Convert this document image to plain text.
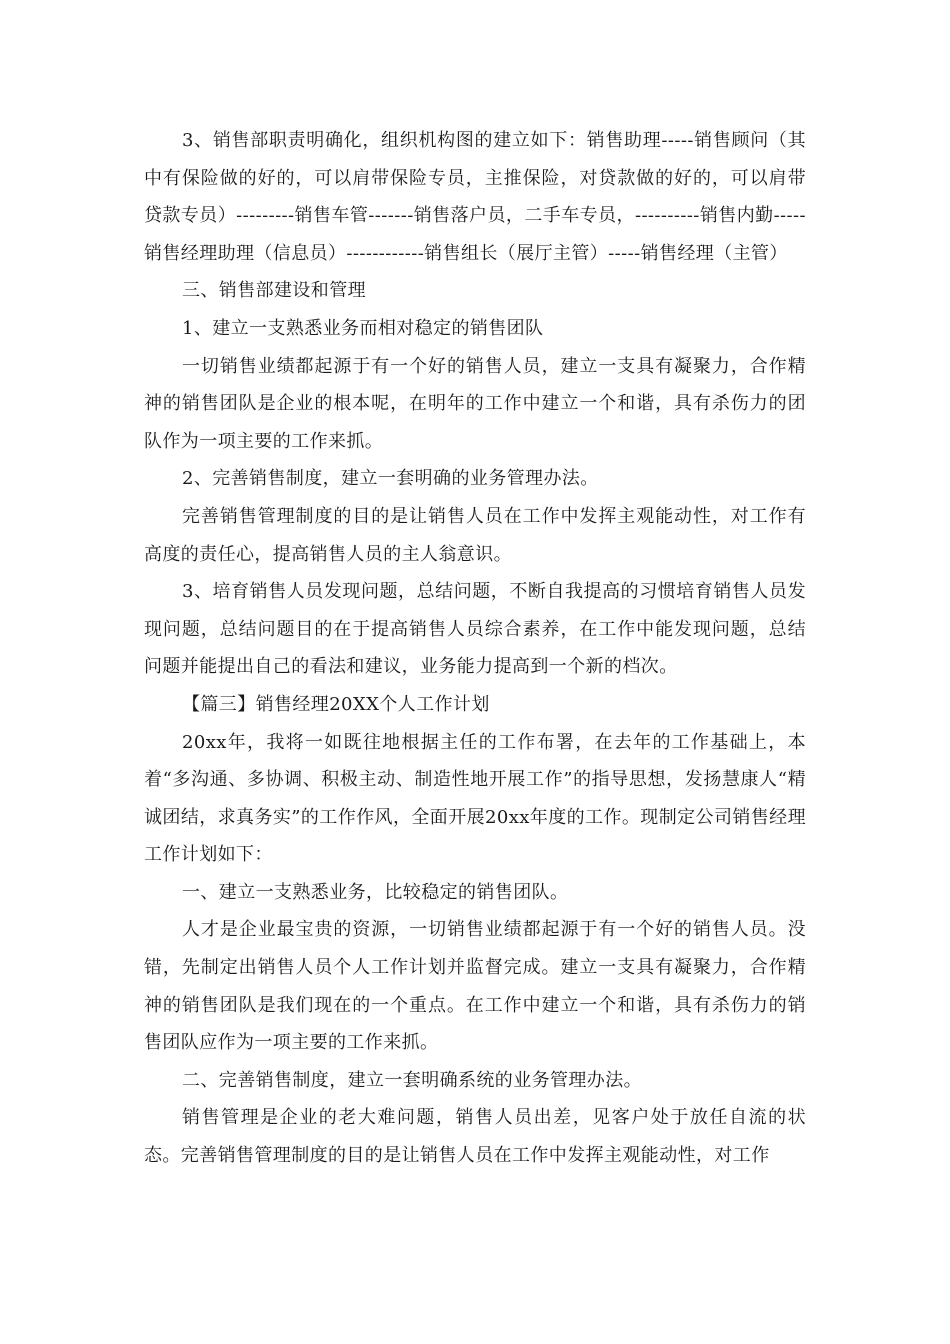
3、销售部职责明确化，组织机构图的建立如下：销售助理-----销售顾问（其中有保险做的好的，可以肩带保险专员，主推保险，对贷款做的好的，可以肩带贷款专员）---------销售车管-------销售落户员，二手车专员，----------销售内勤-----销售经理助理（信息员）------------销售组长（展厅主管）-----销售经理（主管）

三、销售部建设和管理

1、建立一支熟悉业务而相对稳定的销售团队

一切销售业绩都起源于有一个好的销售人员，建立一支具有凝聚力，合作精神的销售团队是企业的根本呢，在明年的工作中建立一个和谐，具有杀伤力的团队作为一项主要的工作来抓。

2、完善销售制度，建立一套明确的业务管理办法。

完善销售管理制度的目的是让销售人员在工作中发挥主观能动性，对工作有高度的责任心，提高销售人员的主人翁意识。

3、培育销售人员发现问题，总结问题，不断自我提高的习惯培育销售人员发现问题，总结问题目的在于提高销售人员综合素养，在工作中能发现问题，总结问题并能提出自己的看法和建议，业务能力提高到一个新的档次。

【篇三】销售经理20XX个人工作计划

20xx年，我将一如既往地根据主任的工作布署，在去年的工作基础上，本着“多沟通、多协调、积极主动、制造性地开展工作”的指导思想，发扬慧康人“精诚团结，求真务实”的工作作风，全面开展20xx年度的工作。现制定公司销售经理工作计划如下：

一、建立一支熟悉业务，比较稳定的销售团队。

人才是企业最宝贵的资源，一切销售业绩都起源于有一个好的销售人员。没错，先制定出销售人员个人工作计划并监督完成。建立一支具有凝聚力，合作精神的销售团队是我们现在的一个重点。在工作中建立一个和谐，具有杀伤力的销售团队应作为一项主要的工作来抓。

二、完善销售制度，建立一套明确系统的业务管理办法。

销售管理是企业的老大难问题，销售人员出差，见客户处于放任自流的状态。完善销售管理制度的目的是让销售人员在工作中发挥主观能动性，对工作
